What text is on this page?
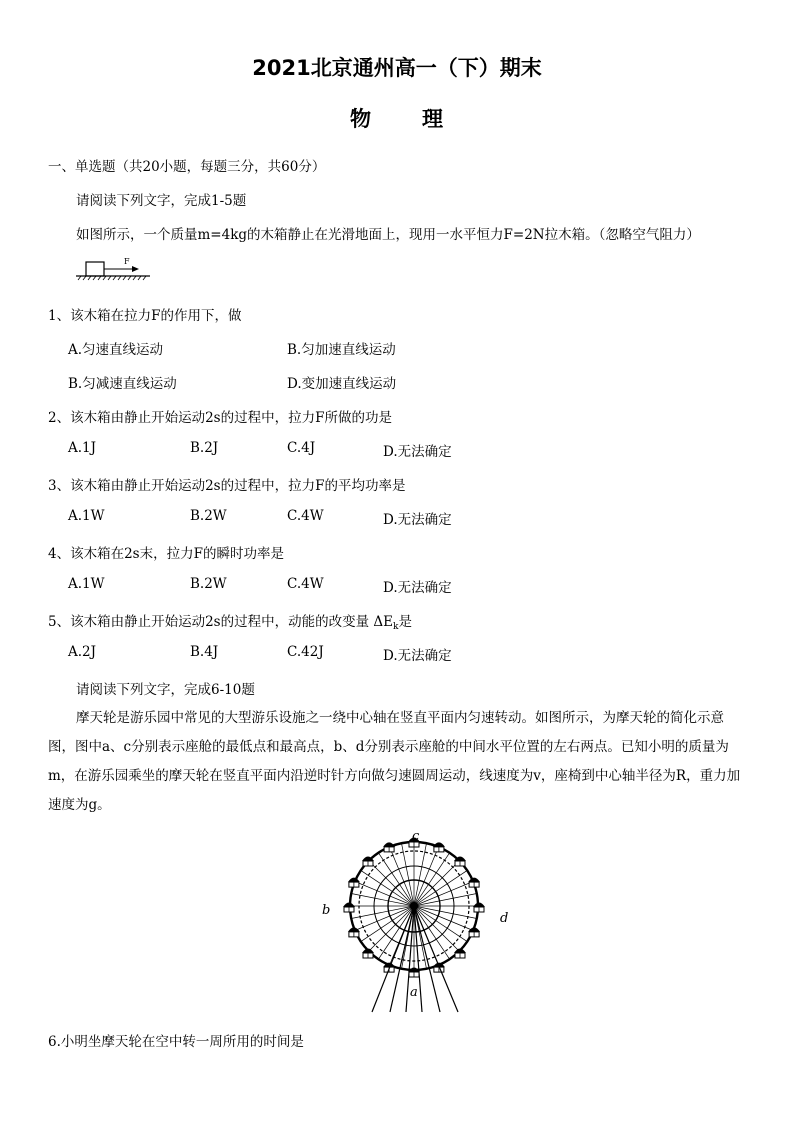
2021北京通州高一（下）期末
物 理
一、单选题（共20小题，每题三分，共60分）
请阅读下列文字，完成1-5题
如图所示，一个质量m=4kg的木箱静止在光滑地面上，现用一水平恒力F=2N拉木箱。（忽略空气阻力）
F
1、该木箱在拉力F的作用下，做
A.匀速直线运动	B.匀加速直线运动
B.匀减速直线运动	D.变加速直线运动
2、该木箱由静止开始运动2s的过程中，拉力F所做的功是
A.1J	B.2J	C.4J	D.无法确定
3、该木箱由静止开始运动2s的过程中，拉力F的平均功率是
A.1W	B.2W	C.4W	D.无法确定
4、该木箱在2s末，拉力F的瞬时功率是
A.1W	B.2W	C.4W	D.无法确定
5、该木箱由静止开始运动2s的过程中，动能的改变量 $\Delta E_k$是
A.2J	B.4J	C.42J	D.无法确定
请阅读下列文字，完成6-10题
摩天轮是游乐园中常见的大型游乐设施之一绕中心轴在竖直平面内匀速转动。如图所示，为摩天轮的简化示意图，图中a、c分别表示座舱的最低点和最高点，b、d分别表示座舱的中间水平位置的左右两点。已知小明的质量为m，在游乐园乘坐的摩天轮在竖直平面内沿逆时针方向做匀速圆周运动，线速度为v，座椅到中心轴半径为R，重力加速度为g。
c
b
d
a
6.小明坐摩天轮在空中转一周所用的时间是
